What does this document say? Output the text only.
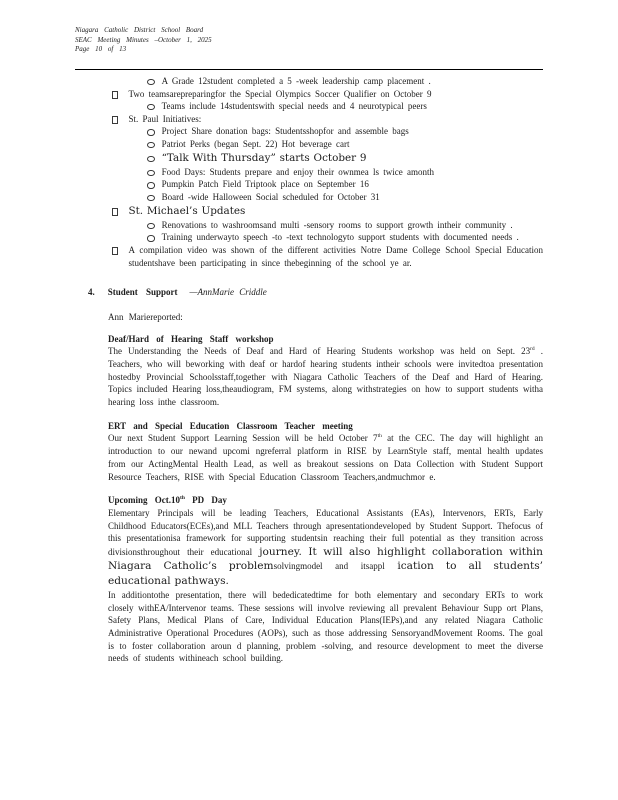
Niagara Catholic District School Board
SEAC Meeting Minutes –October 1, 2025
Page 10 of 13
A Grade 12student completed a 5 -week leadership camp placement .
Two teamsarepreparingfor the Special Olympics Soccer Qualifier on October 9
Teams include 14studentswith special needs and 4 neurotypical peers
St. Paul Initiatives:
Project Share donation bags: Studentsshopfor and assemble bags
Patriot Perks (began Sept. 22) Hot beverage cart
“Talk With Thursday” starts October 9
Food Days: Students prepare and enjoy their ownmea ls twice amonth
Pumpkin Patch Field Triptook place on September 16
Board -wide Halloween Social scheduled for October 31
St. Michael’s Updates
Renovations to washroomsand multi -sensory rooms to support growth intheir community .
Training underwayto speech -to -text technologyto support students with documented needs .
A compilation video was shown of the different activities Notre Dame College School Special Education studentshave been participating in since thebeginning of the school ye ar.
4. Student Support —AnnMarie Criddle
Ann Mariereported:
Deaf/Hard of Hearing Staff workshop
The Understanding the Needs of Deaf and Hard of Hearing Students workshop was held on Sept. 23rd . Teachers, who will beworking with deaf or hardof hearing students intheir schools were invitedtoa presentation hostedby Provincial Schoolsstaff,together with Niagara Catholic Teachers of the Deaf and Hard of Hearing. Topics included Hearing loss,theaudiogram, FM systems, along withstrategies on how to support students witha hearing loss inthe classroom.
ERT and Special Education Classroom Teacher meeting
Our next Student Support Learning Session will be held October 7th at the CEC. The day will highlight an introduction to our newand upcomi ngreferral platform in RISE by LearnStyle staff, mental health updates from our ActingMental Health Lead, as well as breakout sessions on Data Collection with Student Support Resource Teachers, RISE with Special Education Classroom Teachers,andmuchmor e.
Upcoming Oct.10th PD Day
Elementary Principals will be leading Teachers, Educational Assistants (EAs), Intervenors, ERTs, Early Childhood Educators(ECEs),and MLL Teachers through apresentationdeveloped by Student Support. Thefocus of this presentationisa framework for supporting studentsin reaching their full potential as they transition across divisionsthroughout their educational journey. It will also highlight collaboration within Niagara Catholic’s problemsolvingmodel and itsappl ication to all students’ educational pathways.
In additiontothe presentation, there will bededicatedtime for both elementary and secondary ERTs to work closely withEA/Intervenor teams. These sessions will involve reviewing all prevalent Behaviour Supp ort Plans, Safety Plans, Medical Plans of Care, Individual Education Plans(IEPs),and any related Niagara Catholic Administrative Operational Procedures (AOPs), such as those addressing SensoryandMovement Rooms. The goal is to foster collaboration aroun d planning, problem -solving, and resource development to meet the diverse needs of students withineach school building.
